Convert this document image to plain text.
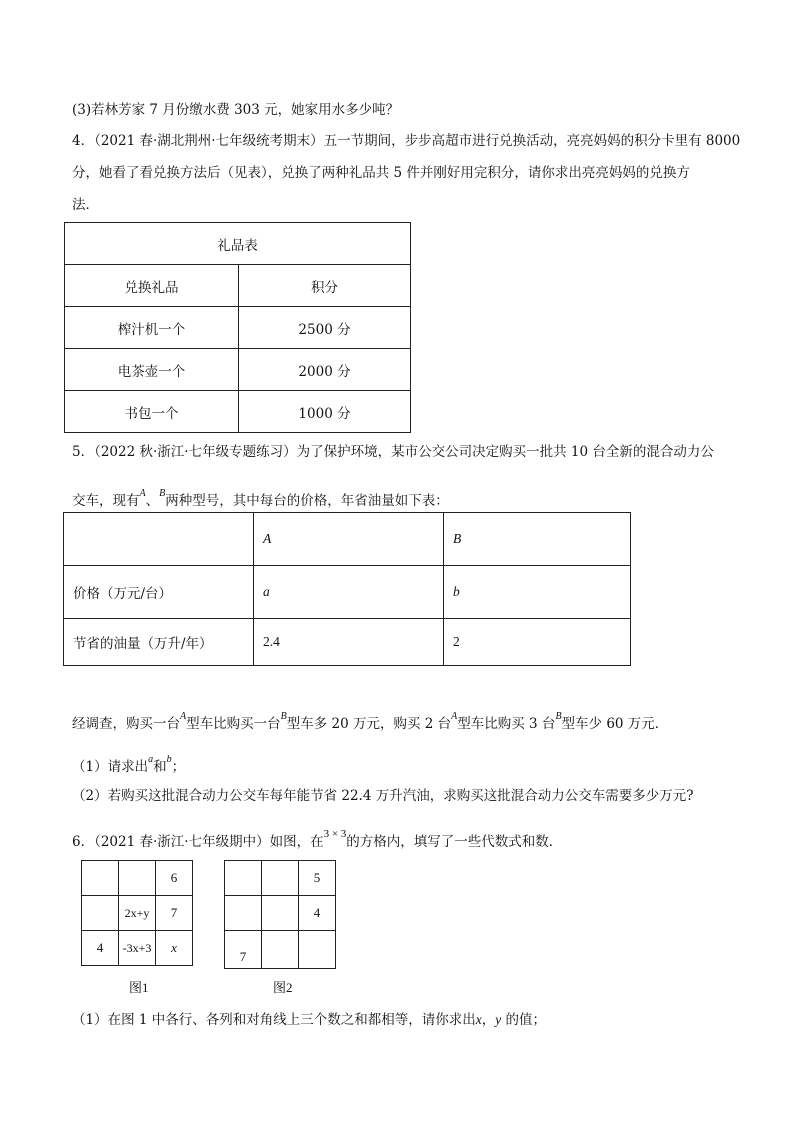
(3)若林芳家 7 月份缴水费 303 元，她家用水多少吨？
4．（2021 春·湖北荆州·七年级统考期末）五一节期间，步步高超市进行兑换活动，亮亮妈妈的积分卡里有 8000
分，她看了看兑换方法后（见表），兑换了两种礼品共 5 件并刚好用完积分，请你求出亮亮妈妈的兑换方
法．
礼品表	
兑换礼品	积分
榨汁机一个	2500 分
电茶壶一个	2000 分
书包一个	1000 分
5．（2022 秋·浙江·七年级专题练习）为了保护环境，某市公交公司决定购买一批共 10 台全新的混合动力公
交车，现有$^A$、$^B$两种型号，其中每台的价格，年省油量如下表：
	A	B
价格（万元/台）	a	b
节省的油量（万升/年）	2.4	2
经调查，购买一台$^A$型车比购买一台$^B$型车多 20 万元，购买 2 台$^A$型车比购买 3 台$^B$型车少 60 万元．
（1）请求出$^a$和$^b$；
（2）若购买这批混合动力公交车每年能节省 22.4 万升汽油，求购买这批混合动力公交车需要多少万元?
6．（2021 春·浙江·七年级期中）如图，在$^{3 \times 3}$的方格内，填写了一些代数式和数．
		6
	2x+y	7
4	-3x+3	x
图1
		5
		4
7		
图2
（1）在图 1 中各行、各列和对角线上三个数之和都相等，请你求出x，y 的值；
